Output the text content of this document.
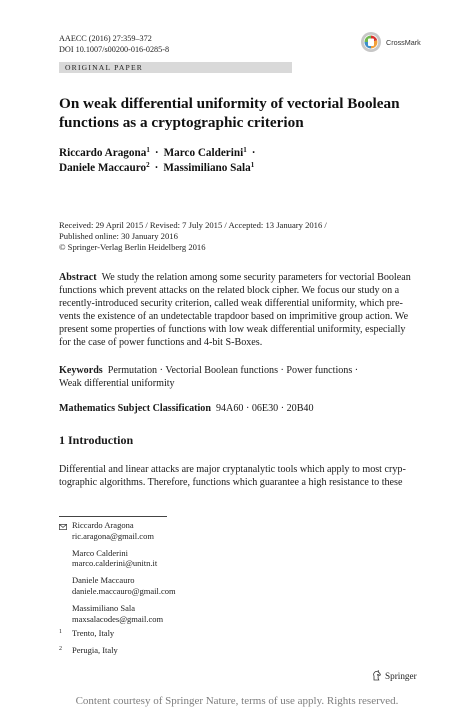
AAECC (2016) 27:359–372
DOI 10.1007/s00200-016-0285-8
CrossMark
ORIGINAL PAPER
On weak differential uniformity of vectorial Boolean
functions as a cryptographic criterion
Riccardo Aragona$^1$ · Marco Calderini$^1$ ·
Daniele Maccauro$^2$ · Massimiliano Sala$^1$
Received: 29 April 2015 / Revised: 7 July 2015 / Accepted: 13 January 2016 /
Published online: 30 January 2016
© Springer-Verlag Berlin Heidelberg 2016
Abstract We study the relation among some security parameters for vectorial Boolean
functions which prevent attacks on the related block cipher. We focus our study on a
recently-introduced security criterion, called weak differential uniformity, which pre-
vents the existence of an undetectable trapdoor based on imprimitive group action. We
present some properties of functions with low weak differential uniformity, especially
for the case of power functions and 4-bit S-Boxes.
Keywords Permutation · Vectorial Boolean functions · Power functions ·
Weak differential uniformity
Mathematics Subject Classification 94A60 · 06E30 · 20B40
1 Introduction
Differential and linear attacks are major cryptanalytic tools which apply to most cryp-
tographic algorithms. Therefore, functions which guarantee a high resistance to these
Riccardo Aragona
ric.aragona@gmail.com
Marco Calderini
marco.calderini@unitn.it
Daniele Maccauro
daniele.maccauro@gmail.com
Massimiliano Sala
maxsalacodes@gmail.com
$^1$ Trento, Italy
$^2$ Perugia, Italy
Springer
Content courtesy of Springer Nature, terms of use apply. Rights reserved.
